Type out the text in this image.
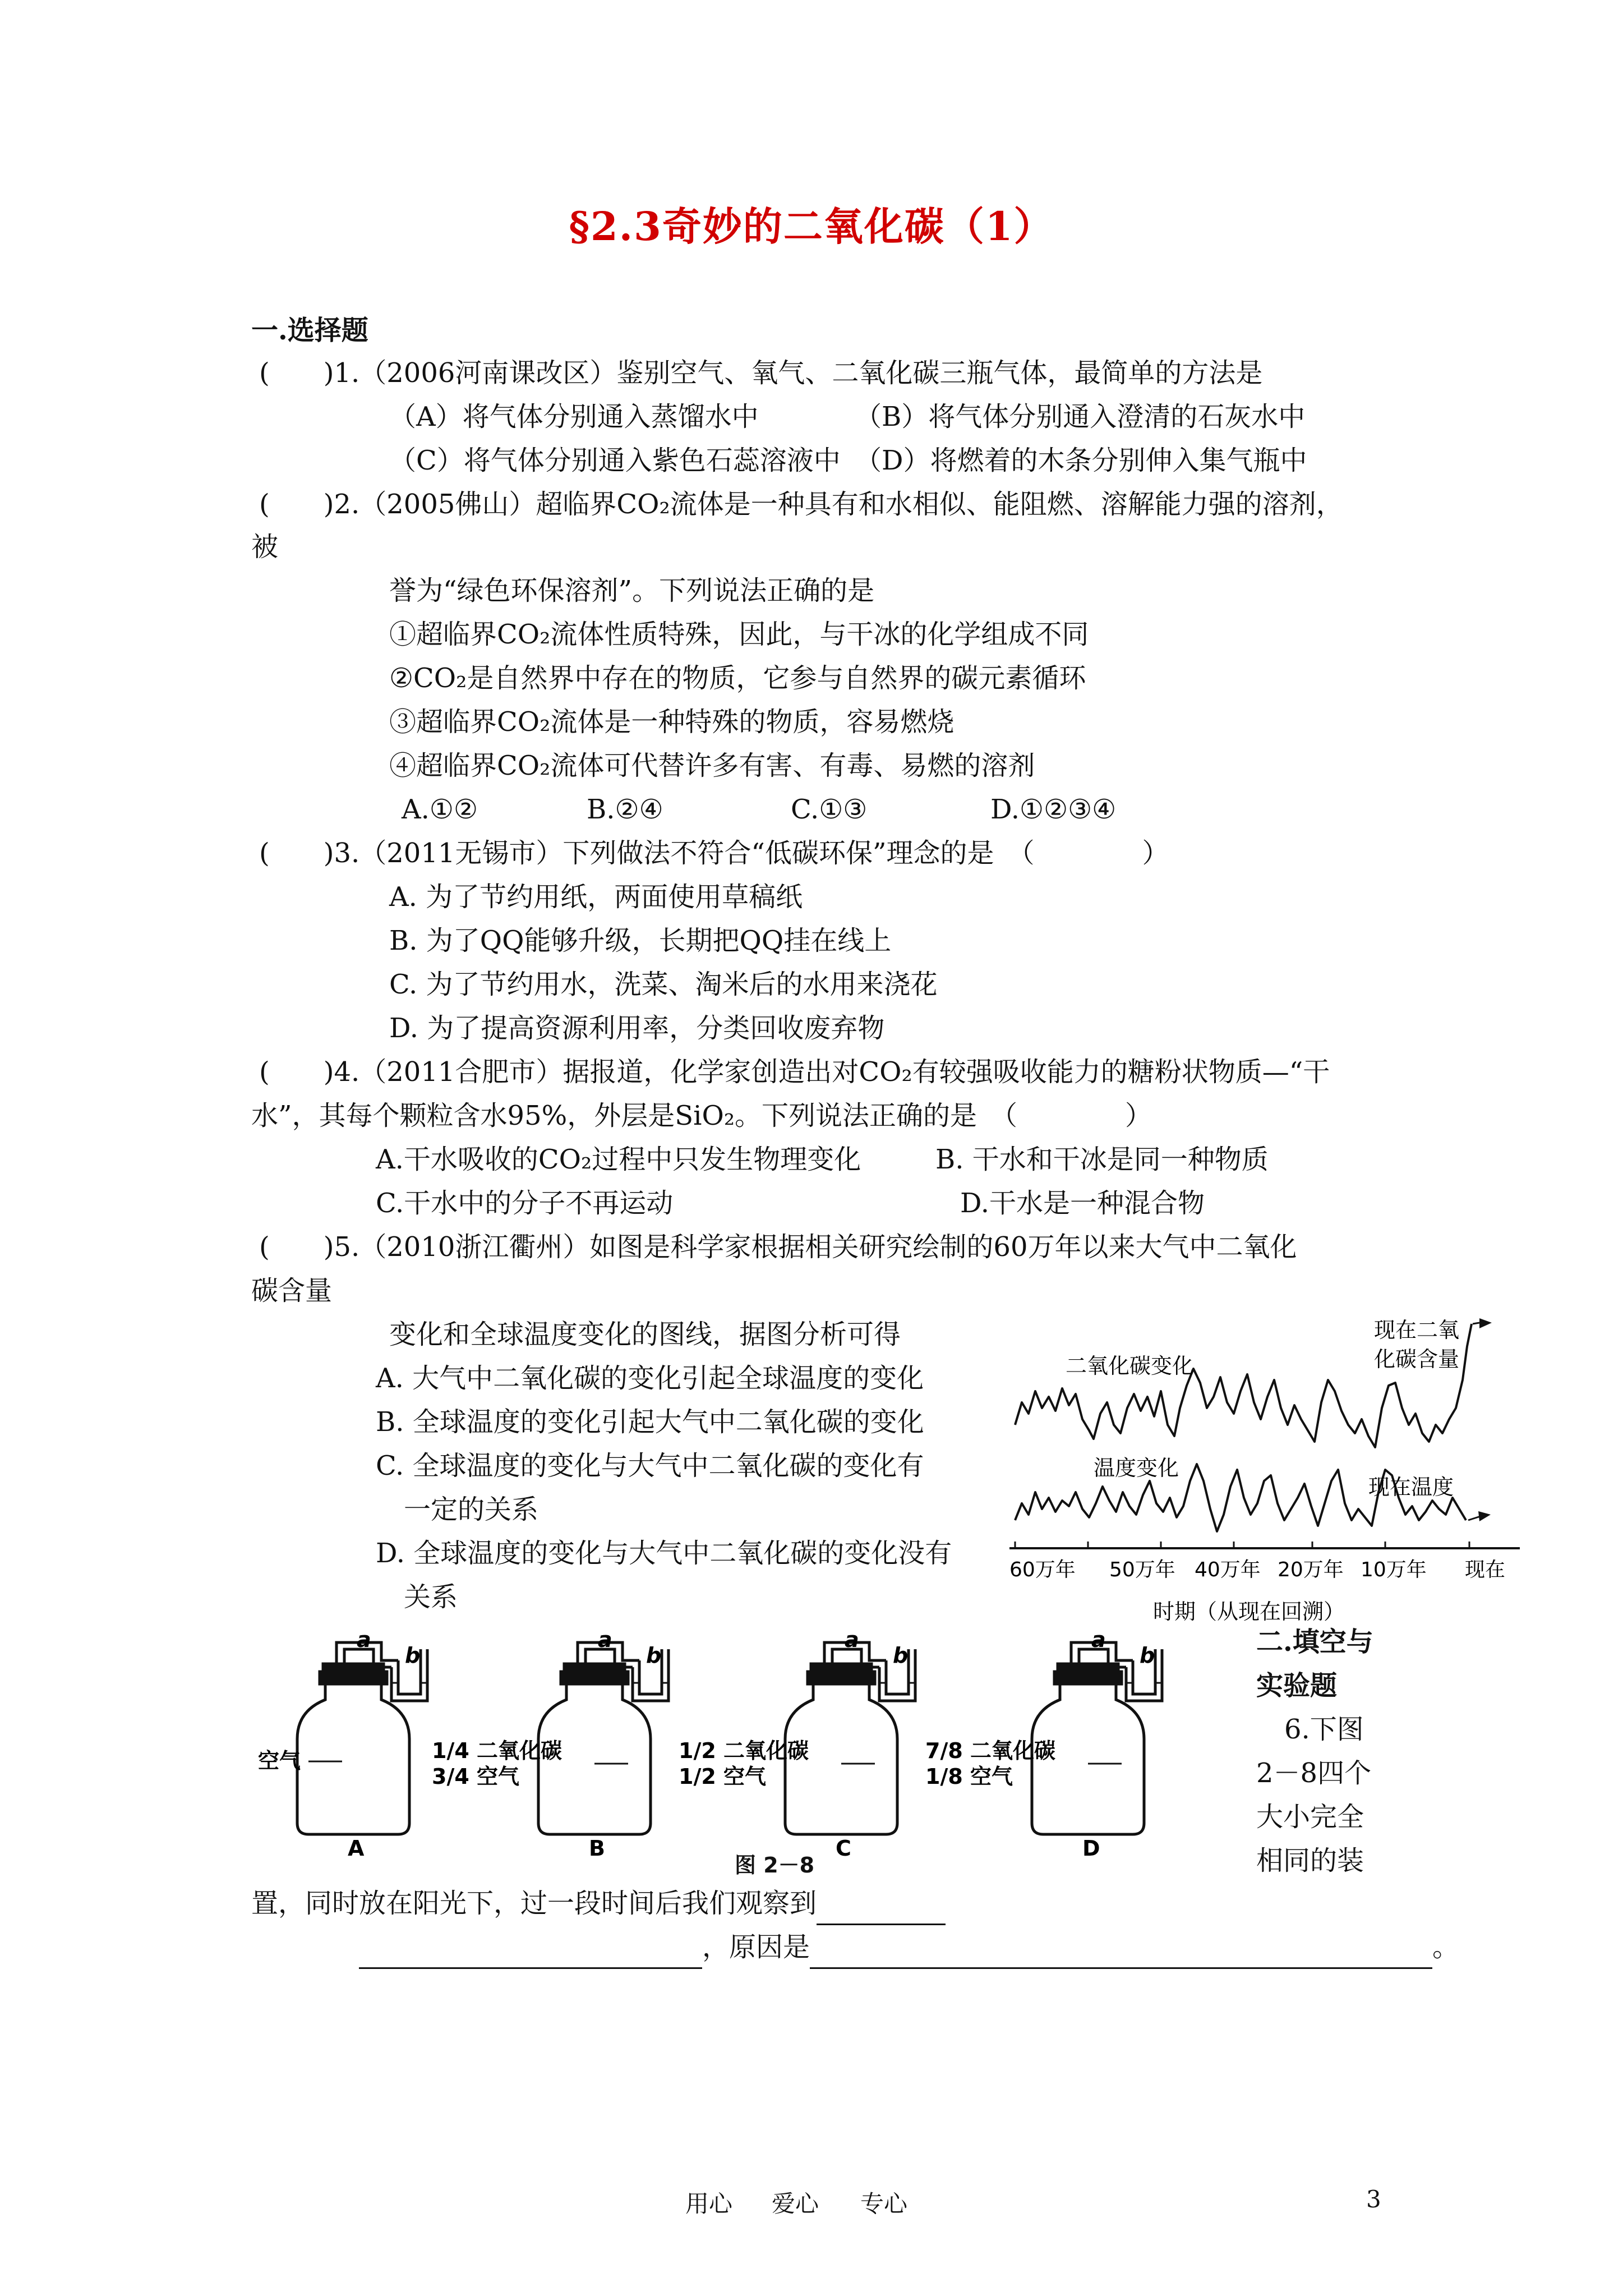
§2.3奇妙的二氧化碳（1）
一.选择题
(　　)1.（2006河南课改区）鉴别空气、氧气、二氧化碳三瓶气体，最简单的方法是
（A）将气体分别通入蒸馏水中	（B）将气体分别通入澄清的石灰水中
（C）将气体分别通入紫色石蕊溶液中 （D）将燃着的木条分别伸入集气瓶中
(　　)2.（2005佛山）超临界CO₂流体是一种具有和水相似、能阻燃、溶解能力强的溶剂，
被
誉为“绿色环保溶剂”。下列说法正确的是
①超临界CO₂流体性质特殊，因此，与干冰的化学组成不同
②CO₂是自然界中存在的物质，它参与自然界的碳元素循环
③超临界CO₂流体是一种特殊的物质，容易燃烧
④超临界CO₂流体可代替许多有害、有毒、易燃的溶剂
A.①②	B.②④	C.①③	D.①②③④
(　　)3.（2011无锡市）下列做法不符合“低碳环保”理念的是　（　　　　）
A. 为了节约用纸，两面使用草稿纸
B. 为了QQ能够升级，长期把QQ挂在线上
C. 为了节约用水，洗菜、淘米后的水用来浇花
D. 为了提高资源利用率，分类回收废弃物
(　　)4.（2011合肥市）据报道，化学家创造出对CO₂有较强吸收能力的糖粉状物质—“干
水”，其每个颗粒含水95%，外层是SiO₂。下列说法正确的是　（　　　　）
A.干水吸收的CO₂过程中只发生物理变化	B. 干水和干冰是同一种物质
C.干水中的分子不再运动	D.干水是一种混合物
(　　)5.（2010浙江衢州）如图是科学家根据相关研究绘制的60万年以来大气中二氧化
碳含量
变化和全球温度变化的图线，据图分析可得
A. 大气中二氧化碳的变化引起全球温度的变化
B. 全球温度的变化引起大气中二氧化碳的变化
C. 全球温度的变化与大气中二氧化碳的变化有
一定的关系
D. 全球温度的变化与大气中二氧化碳的变化没有
关系
二氧化碳变化
现在二氧
化碳含量
温度变化
现在温度
60万年 50万年 40万年 20万年 10万年 现在
时期（从现在回溯）
二.填空与
实验题
6.下图
2－8四个
大小完全
相同的装
空气	1/4 二氧化碳
3/4 空气
1/2 二氧化碳
1/2 空气
7/8 二氧化碳
1/8 空气
a
b
a
b
a
b
a
b
A	B	C	D
图 2－8
置，同时放在阳光下，过一段时间后我们观察到
，原因是	。
用心 爱心 专心	3
